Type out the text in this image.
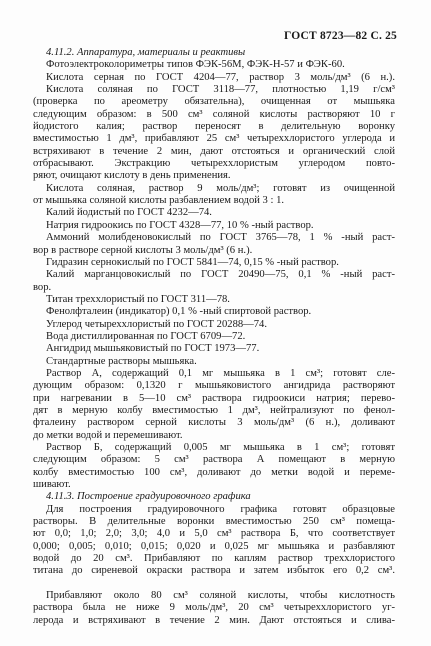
ГОСТ 8723—82 С. 25
4.11.2. Аппаратура, материалы и реактивы
Фотоэлектроколориметры типов ФЭК-56М, ФЭК-Н-57 и ФЭК-60.
Кислота серная по ГОСТ 4204—77, раствор 3 моль/дм³ (6 н.).
Кислота соляная по ГОСТ 3118—77, плотностью 1,19 г/см³
(проверка по ареометру обязательна), очищенная от мышьяка
следующим образом: в 500 см³ соляной кислоты растворяют 10 г
йодистого калия; раствор переносят в делительную воронку
вместимостью 1 дм³, прибавляют 25 см³ четыреххлористого углерода и
встряхивают в течение 2 мин, дают отстояться и органический слой
отбрасывают. Экстракцию четыреххлористым углеродом повто-
ряют, очищают кислоту в день применения.
Кислота соляная, раствор 9 моль/дм³; готовят из очищенной
от мышьяка соляной кислоты разбавлением водой 3 : 1.
Калий йодистый по ГОСТ 4232—74.
Натрия гидроокись по ГОСТ 4328—77, 10 % -ный раствор.
Аммоний молибденовокислый по ГОСТ 3765—78, 1 % -ный раст-
вор в растворе серной кислоты 3 моль/дм³ (6 н.).
Гидразин сернокислый по ГОСТ 5841—74, 0,15 % -ный раствор.
Калий марганцовокислый по ГОСТ 20490—75, 0,1 % -ный раст-
вор.
Титан треххлористый по ГОСТ 311—78.
Фенолфталеин (индикатор) 0,1 % -ный спиртовой раствор.
Углерод четыреххлористый по ГОСТ 20288—74.
Вода дистиллированная по ГОСТ 6709—72.
Ангидрид мышьяковистый по ГОСТ 1973—77.
Стандартные растворы мышьяка.
Раствор А, содержащий 0,1 мг мышьяка в 1 см³; готовят сле-
дующим образом: 0,1320 г мышьяковистого ангидрида растворяют
при нагревании в 5—10 см³ раствора гидроокиси натрия; перево-
дят в мерную колбу вместимостью 1 дм³, нейтрализуют по фенол-
фталеину раствором серной кислоты 3 моль/дм³ (6 н.), доливают
до метки водой и перемешивают.
Раствор Б, содержащий 0,005 мг мышьяка в 1 см³; готовят
следующим образом: 5 см³ раствора А помещают в мерную
колбу вместимостью 100 см³, доливают до метки водой и переме-
шивают.
4.11.3. Построение градуировочного графика
Для построения градуировочного графика готовят образцовые
растворы. В делительные воронки вместимостью 250 см³ помеща-
ют 0,0; 1,0; 2,0; 3,0; 4,0 и 5,0 см³ раствора Б, что соответствует
0,000; 0,005; 0,010; 0,015; 0,020 и 0,025 мг мышьяка и разбавляют
водой до 20 см³. Прибавляют по каплям раствор треххлористого
титана до сиреневой окраски раствора и затем избыток его 0,2 см³.
Прибавляют около 80 см³ соляной кислоты, чтобы кислотность
раствора была не ниже 9 моль/дм³, 20 см³ четыреххлористого уг-
лерода и встряхивают в течение 2 мин. Дают отстояться и слива-
